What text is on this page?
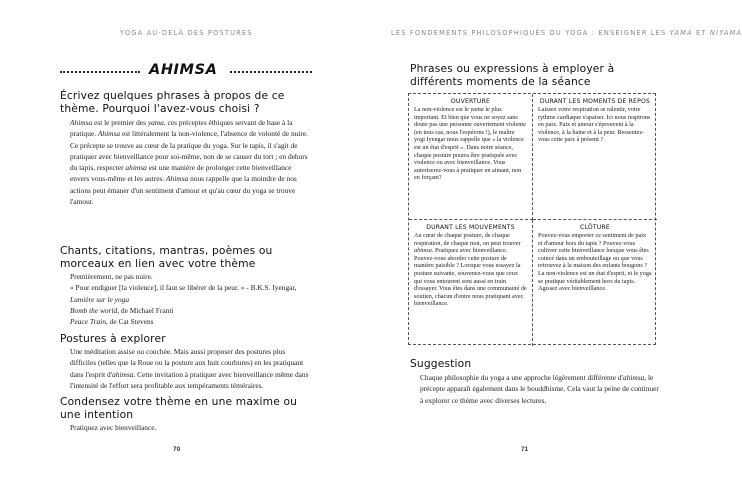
YOGA AU-DELÀ DES POSTURES
AHIMSA
Écrivez quelques phrases à propos de ce thème. Pourquoi l'avez-vous choisi ?

Ahimsa est le premier des yama, ces préceptes éthiques servant de base à la pratique. Ahimsa est littéralement la non-violence, l'absence de volonté de nuire. Ce précepte se trouve au cœur de la pratique du yoga. Sur le tapis, il s'agit de pratiquer avec bienveillance pour soi-même, non de se causer du tort ; en dehors du tapis, respecter ahimsa est une manière de prolonger cette bienveillance envers vous-même et les autres. Ahimsa nous rappelle que la moindre de nos actions peut émaner d'un sentiment d'amour et qu'au cœur du yoga se trouve l'amour.

Chants, citations, mantras, poèmes ou morceaux en lien avec votre thème
Premièrement, ne pas nuire.
« Pour endiguer [la violence], il faut se libérer de la peur. » - B.K.S. Iyengar, Lumière sur le yoga
Bomb the world, de Michael Franti
Peace Train, de Cat Stevens
Postures à explorer

Une méditation assise ou couchée. Mais aussi proposer des postures plus difficiles (telles que la Roue ou la posture aux huit courbures) en les pratiquant dans l'esprit d'ahimsa. Cette invitation à pratiquer avec bienveillance même dans l'intensité de l'effort sera profitable aux tempéraments téméraires.

Condensez votre thème en une maxime ou une intention

Pratiquez avec bienveillance.

70
LES FONDEMENTS PHILOSOPHIQUES DU YOGA : ENSEIGNER LES YAMA ET NIYAMA
Phrases ou expressions à employer à différents moments de la séance
OUVERTURE
La non-violence est le yama le plus important. Et bien que vous ne soyez sans doute pas une personne ouvertement violente (en tous cas, nous l'espérons !), le maître yogi Iyengar nous rappelle que « la violence est un état d'esprit ». Dans notre séance, chaque posture pourra être pratiquée avec violence ou avec bienveillance. Vous autoriserez-vous à pratiquer en aimant, non en forçant?
DURANT LES MOMENTS DE REPOS
Laissez votre respiration se ralentir, votre rythme cardiaque s'apaiser. Ici nous respirons en paix. Paix et amour s'éprouvent à la violence, à la haine et à la peur. Ressentez-vous cette paix à présent ?
DURANT LES MOUVEMENTS
Au cœur de chaque posture, de chaque respiration, de chaque mot, on peut trouver ahimsa. Pratiquez avec bienveillance. Pouvez-vous aborder cette posture de manière paisible ? Lorsque vous essayez la posture suivante, souvenez-vous que ceux qui vous entourent sont aussi en train d'essayer. Vous êtes dans une communauté de soutien, chacun d'entre nous pratiquant avec bienveillance.
CLÔTURE
Pouvez-vous emporter ce sentiment de paix et d'amour hors du tapis ? Pouvez-vous cultiver cette bienveillance lorsque vous êtes coincé dans un embouteillage ou que vous retrouvez à la maison des enfants bougons ? La non-violence est un état d'esprit, et le yoga se pratique véritablement hors du tapis. Agissez avec bienveillance.
Suggestion

Chaque philosophie du yoga a une approche légèrement différente d'ahimsa, le précepte apparaît également dans le bouddhisme. Cela vaut la peine de continuer à explorer ce thème avec diverses lectures.

71
